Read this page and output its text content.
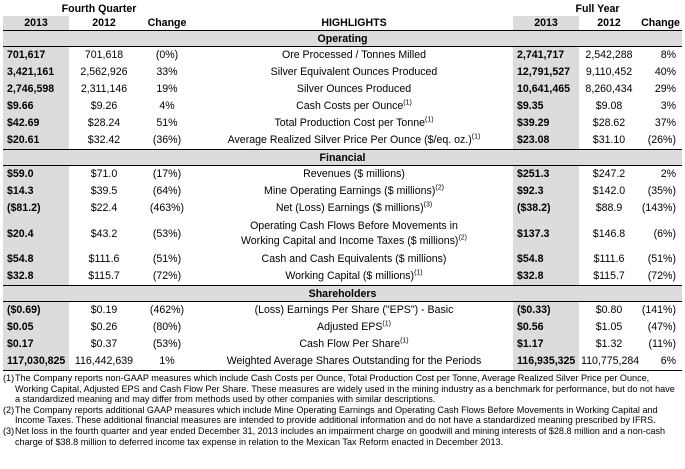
Fourth Quarter				Full Year		
2013	2012	Change	HIGHLIGHTS	2013	2012	Change
Operating						
701,617	701,618	(0%)	Ore Processed / Tonnes Milled	2,741,717	2,542,288	8%
3,421,161	2,562,926	33%	Silver Equivalent Ounces Produced	12,791,527	9,110,452	40%
2,746,598	2,311,146	19%	Silver Ounces Produced	10,641,465	8,260,434	29%
$9.66	$9.26	4%	Cash Costs per Ounce$^{(1)}$	$9.35	$9.08	3%
$42.69	$28.24	51%	Total Production Cost per Tonne$^{(1)}$	$39.29	$28.62	37%
$20.61	$32.42	(36%)	Average Realized Silver Price Per Ounce ($/eq. oz.)$^{(1)}$	$23.08	$31.10	(26%)
Financial						
$59.0	$71.0	(17%)	Revenues ($ millions)	$251.3	$247.2	2%
$14.3	$39.5	(64%)	Mine Operating Earnings ($ millions)$^{(2)}$	$92.3	$142.0	(35%)
($81.2)	$22.4	(463%)	Net (Loss) Earnings ($ millions)$^{(3)}$	($38.2)	$88.9	(143%)
$20.4	$43.2	(53%)	Operating Cash Flows Before Movements in
Working Capital and Income Taxes ($ millions)$^{(2)}$	$137.3	$146.8	(6%)
$54.8	$111.6	(51%)	Cash and Cash Equivalents ($ millions)	$54.8	$111.6	(51%)
$32.8	$115.7	(72%)	Working Capital ($ millions)$^{(1)}$	$32.8	$115.7	(72%)
Shareholders						
($0.69)	$0.19	(462%)	(Loss) Earnings Per Share ("EPS") - Basic	($0.33)	$0.80	(141%)
$0.05	$0.26	(80%)	Adjusted EPS$^{(1)}$	$0.56	$1.05	(47%)
$0.17	$0.37	(53%)	Cash Flow Per Share$^{(1)}$	$1.17	$1.32	(11%)
117,030,825	116,442,639	1%	Weighted Average Shares Outstanding for the Periods	116,935,325	110,775,284	6%
(1) The Company reports non-GAAP measures which include Cash Costs per Ounce, Total Production Cost per Tonne, Average Realized Silver Price per Ounce, Working Capital, Adjusted EPS and Cash Flow Per Share. These measures are widely used in the mining industry as a benchmark for performance, but do not have a standardized meaning and may differ from methods used by other companies with similar descriptions.
(2) The Company reports additional GAAP measures which include Mine Operating Earnings and Operating Cash Flows Before Movements in Working Capital and Income Taxes. These additional financial measures are intended to provide additional information and do not have a standardized meaning prescribed by IFRS.
(3) Net loss in the fourth quarter and year ended December 31, 2013 includes an impairment charge on goodwill and mining interests of $28.8 million and a non-cash charge of $38.8 million to deferred income tax expense in relation to the Mexican Tax Reform enacted in December 2013.
